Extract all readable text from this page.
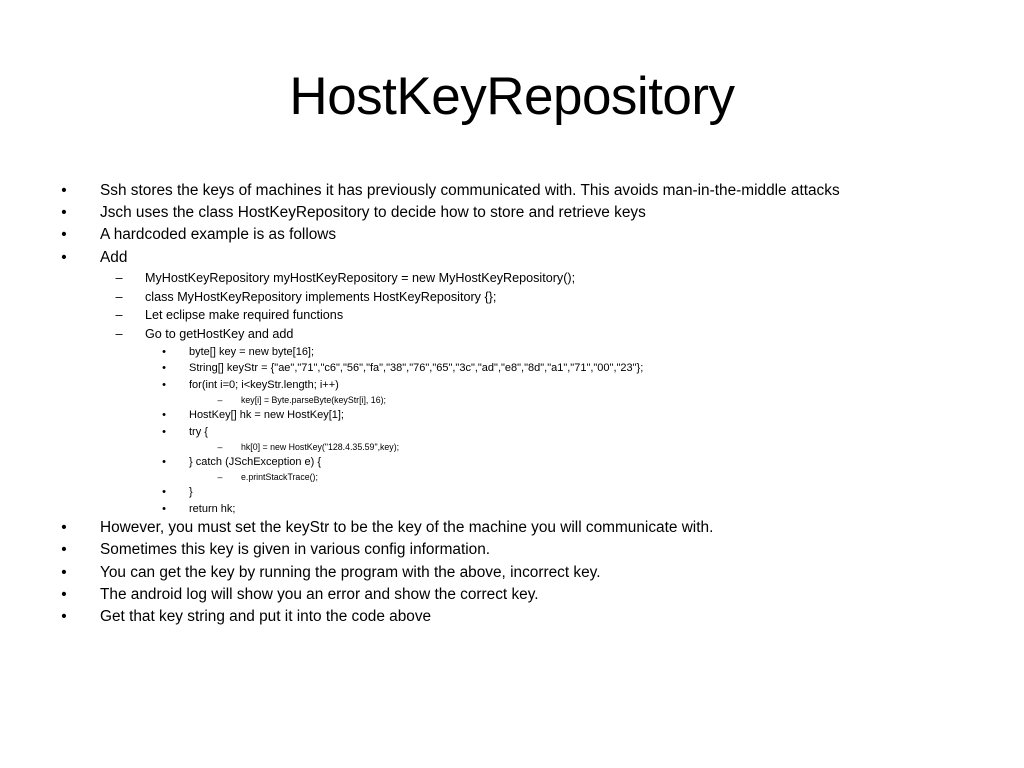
HostKeyRepository
• Ssh stores the keys of machines it has previously communicated with. This avoids man-in-the-middle attacks
• Jsch uses the class HostKeyRepository to decide how to store and retrieve keys
• A hardcoded example is as follows
• Add
–	MyHostKeyRepository myHostKeyRepository = new MyHostKeyRepository();
–	class MyHostKeyRepository implements HostKeyRepository {};
–	Let eclipse make required functions
–	Go to getHostKey and add
•	byte[] key = new byte[16];
•	String[] keyStr = {"ae","71","c6","56","fa","38","76","65","3c","ad","e8","8d","a1","71","00","23"};
•	for(int i=0; i<keyStr.length; i++)
–	key[i] = Byte.parseByte(keyStr[i], 16);
•	HostKey[] hk = new HostKey[1];
•	try {
–	hk[0] = new HostKey("128.4.35.59",key);
•	} catch (JSchException e) {
–	e.printStackTrace();
•	}
•	return hk;
• However, you must set the keyStr to be the key of the machine you will communicate with.
• Sometimes this key is given in various config information.
• You can get the key by running the program with the above, incorrect key.
• The android log will show you an error and show the correct key.
• Get that key string and put it into the code above
